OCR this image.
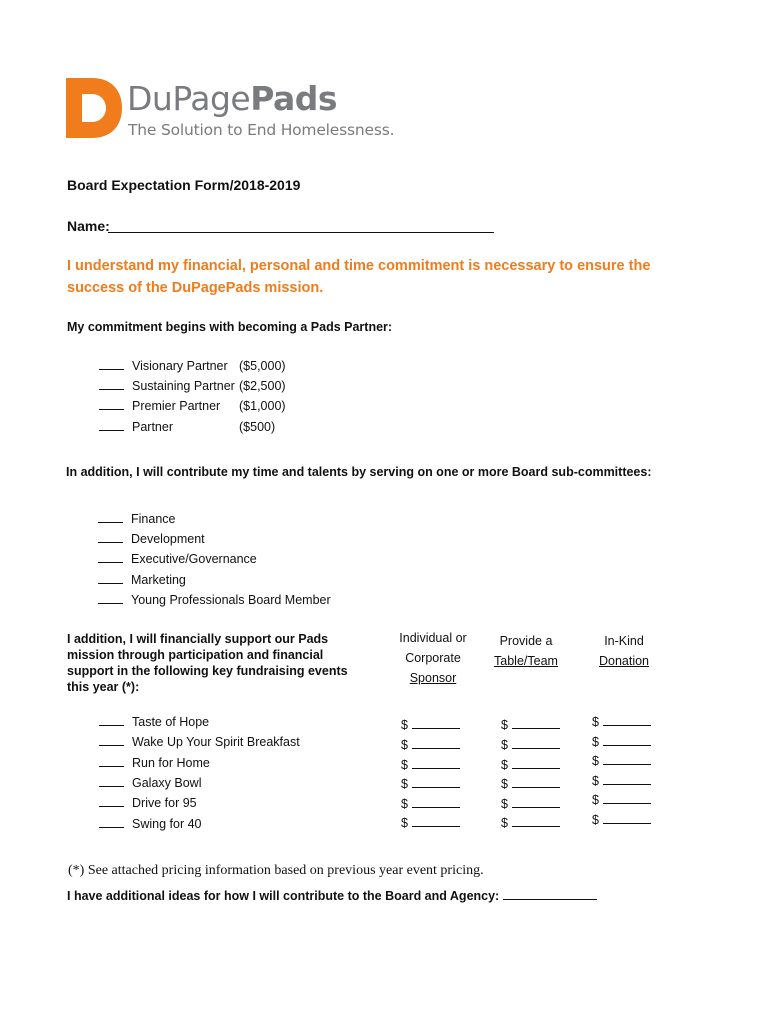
DuPagePads
The Solution to End Homelessness.
Board Expectation Form/2018-2019
Name:
I understand my financial, personal and time commitment is necessary to ensure the success of the DuPagePads mission.
My commitment begins with becoming a Pads Partner:
Visionary Partner ($5,000)
Sustaining Partner ($2,500)
Premier Partner ($1,000)
Partner	($500)
In addition, I will contribute my time and talents by serving on one or more Board sub-committees:
Finance
Development
Executive/Governance
Marketing
Young Professionals Board Member
I addition, I will financially support our Pads mission through participation and financial support in the following key fundraising events this year (*):
Individual or
Corporate
Sponsor
Provide a
Table/Team
In-Kind
Donation
Taste of Hope
Wake Up Your Spirit Breakfast
Run for Home
Galaxy Bowl
Drive for 95
Swing for 40
$
$
$
$
$
$
$
$
$
$
$
$
$
$
$
$
$
$
(*) See attached pricing information based on previous year event pricing.
I have additional ideas for how I will contribute to the Board and Agency:
